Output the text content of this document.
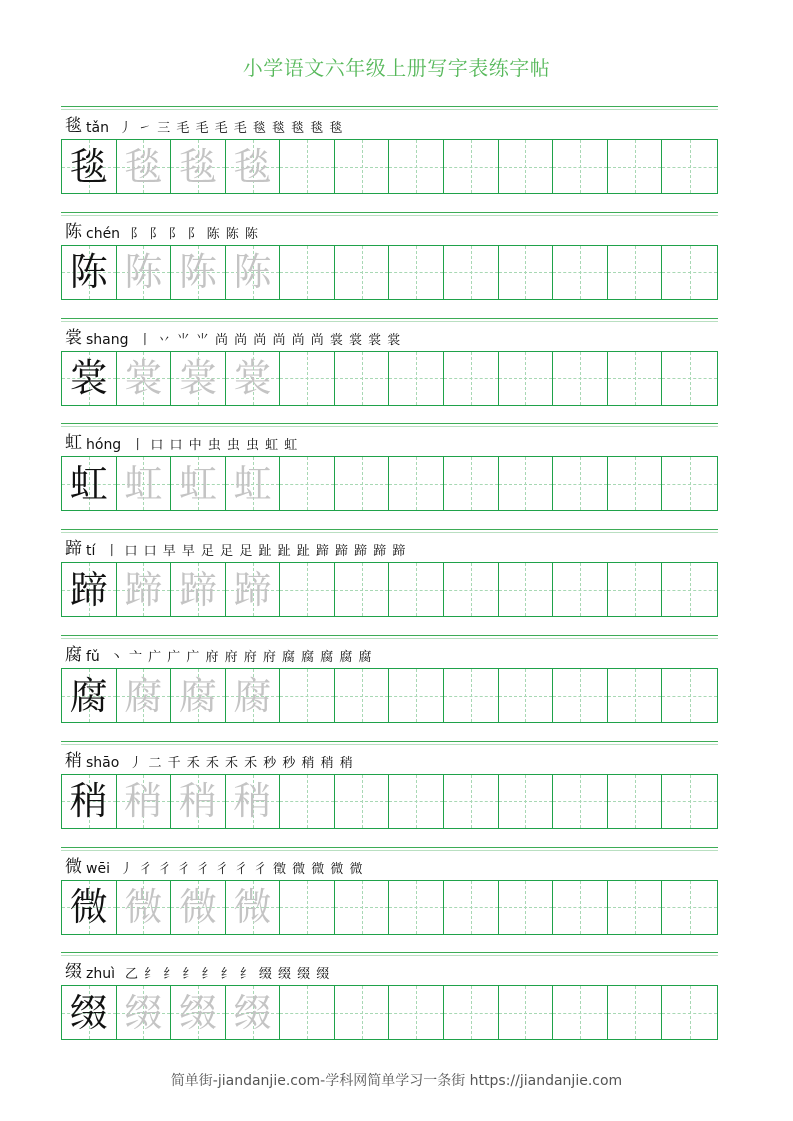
小学语文六年级上册写字表练字帖
毯 tǎn 丿 ㇀ 三 毛 毛 毛 毛 毯 毯 毯 毯 毯
毯 毯 毯 毯
陈 chén 阝 阝 阝 阝 陈 陈 陈
陈 陈 陈 陈
裳 shang 丨 丷 ⺌ ⺌ 尚 尚 尚 尚 尚 尚 裳 裳 裳 裳
裳 裳 裳 裳
虹 hóng 丨 口 口 中 虫 虫 虫 虹 虹
虹 虹 虹 虹
蹄 tí 丨 口 口 早 早 足 足 足 趾 趾 趾 蹄 蹄 蹄 蹄 蹄
蹄 蹄 蹄 蹄
腐 fǔ 丶 亠 广 广 广 府 府 府 府 腐 腐 腐 腐 腐
腐 腐 腐 腐
稍 shāo 丿 二 千 禾 禾 禾 禾 秒 秒 稍 稍 稍
稍 稍 稍 稍
微 wēi 丿 彳 彳 彳 彳 彳 彳 彳 徵 微 微 微 微
微 微 微 微
缀 zhuì 乙 纟 纟 纟 纟 纟 纟 缀 缀 缀 缀
缀 缀 缀 缀
简单街-jiandanjie.com-学科网简单学习一条街 https://jiandanjie.com
